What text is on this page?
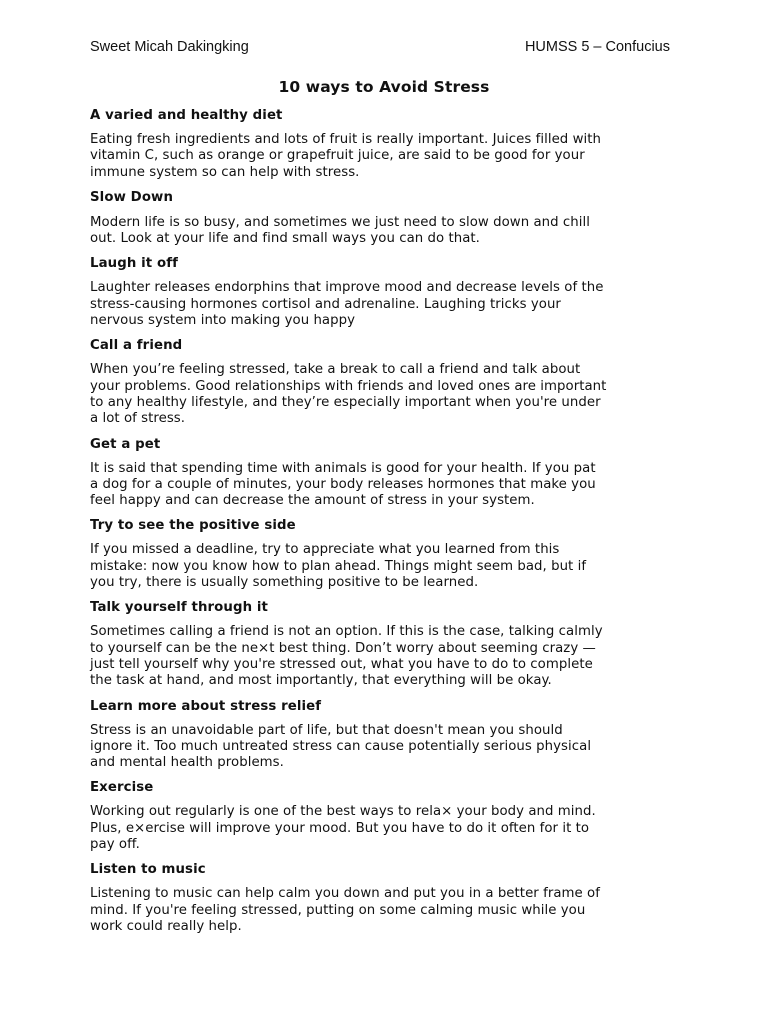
Sweet Micah Dakingking	HUMSS 5 – Confucius
10 ways to Avoid Stress
A varied and healthy diet
Eating fresh ingredients and lots of fruit is really important. Juices filled with
vitamin C, such as orange or grapefruit juice, are said to be good for your
immune system so can help with stress.
Slow Down
Modern life is so busy, and sometimes we just need to slow down and chill
out. Look at your life and find small ways you can do that.
Laugh it off
Laughter releases endorphins that improve mood and decrease levels of the
stress-causing hormones cortisol and adrenaline. Laughing tricks your
nervous system into making you happy
Call a friend
When you’re feeling stressed, take a break to call a friend and talk about
your problems. Good relationships with friends and loved ones are important
to any healthy lifestyle, and they’re especially important when you're under
a lot of stress.
Get a pet
It is said that spending time with animals is good for your health. If you pat
a dog for a couple of minutes, your body releases hormones that make you
feel happy and can decrease the amount of stress in your system.
Try to see the positive side
If you missed a deadline, try to appreciate what you learned from this
mistake: now you know how to plan ahead. Things might seem bad, but if
you try, there is usually something positive to be learned.
Talk yourself through it
Sometimes calling a friend is not an option. If this is the case, talking calmly
to yourself can be the ne×t best thing. Don’t worry about seeming crazy —
just tell yourself why you're stressed out, what you have to do to complete
the task at hand, and most importantly, that everything will be okay.
Learn more about stress relief
Stress is an unavoidable part of life, but that doesn't mean you should
ignore it. Too much untreated stress can cause potentially serious physical
and mental health problems.
Exercise
Working out regularly is one of the best ways to rela× your body and mind.
Plus, e×ercise will improve your mood. But you have to do it often for it to
pay off.
Listen to music
Listening to music can help calm you down and put you in a better frame of
mind. If you're feeling stressed, putting on some calming music while you
work could really help.
